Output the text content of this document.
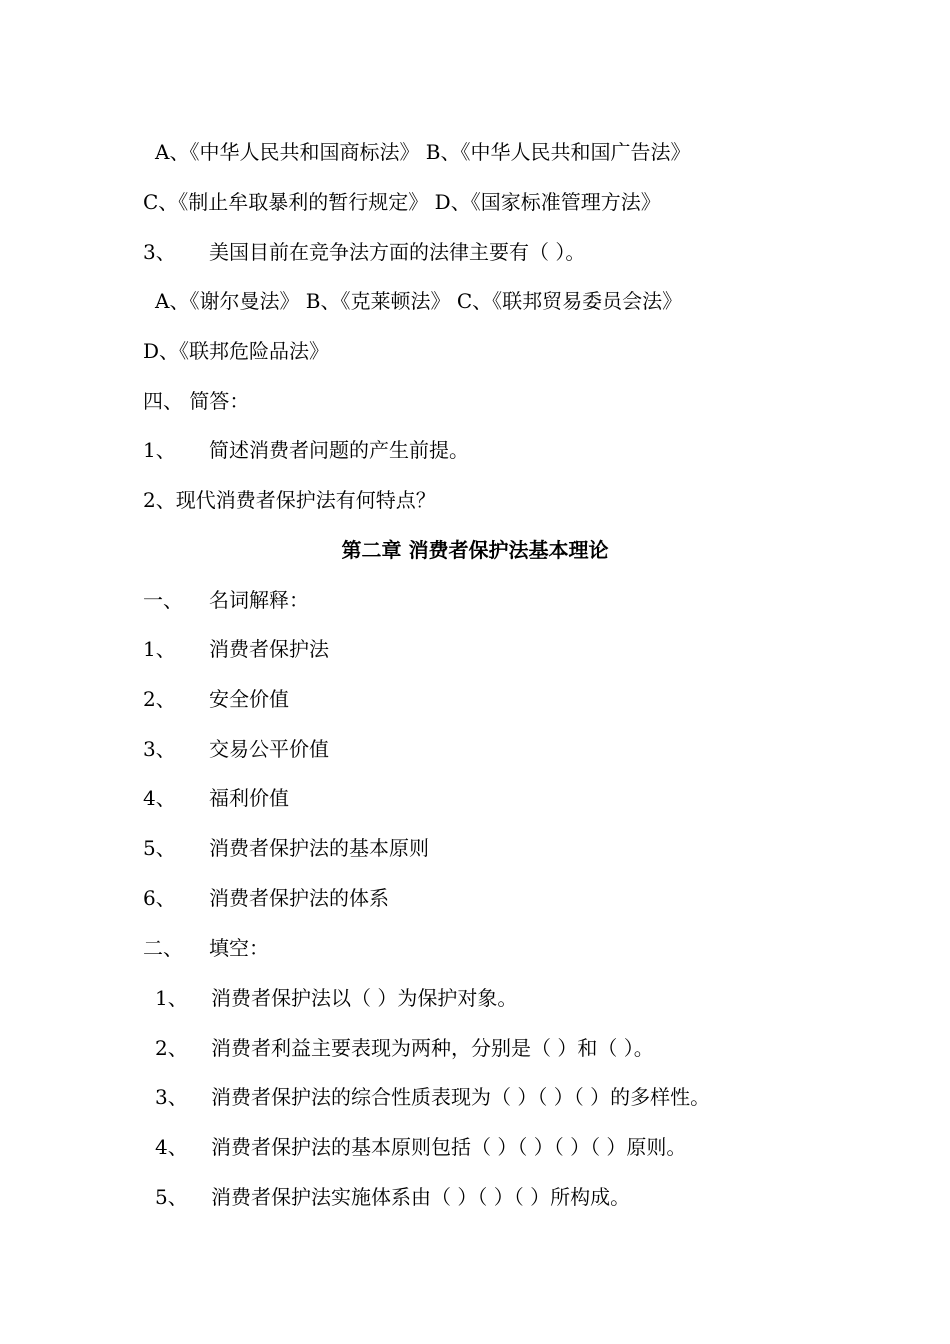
A、《中华人民共和国商标法》 B、《中华人民共和国广告法》
C、《制止牟取暴利的暂行规定》 D、《国家标准管理方法》
3、 美国目前在竞争法方面的法律主要有（ ）。
A、《谢尔曼法》 B、《克莱顿法》 C、《联邦贸易委员会法》
D、《联邦危险品法》
四、 简答：
1、 简述消费者问题的产生前提。
2、现代消费者保护法有何特点？
第二章 消费者保护法基本理论
一、 名词解释：
1、 消费者保护法
2、 安全价值
3、 交易公平价值
4、 福利价值
5、 消费者保护法的基本原则
6、 消费者保护法的体系
二、 填空：
1、 消费者保护法以（ ）为保护对象。
2、 消费者利益主要表现为两种，分别是（ ）和（ ）。
3、 消费者保护法的综合性质表现为（ ）（ ）（ ）的多样性。
4、 消费者保护法的基本原则包括（ ）（ ）（ ）（ ）原则。
5、 消费者保护法实施体系由（ ）（ ）（ ）所构成。
